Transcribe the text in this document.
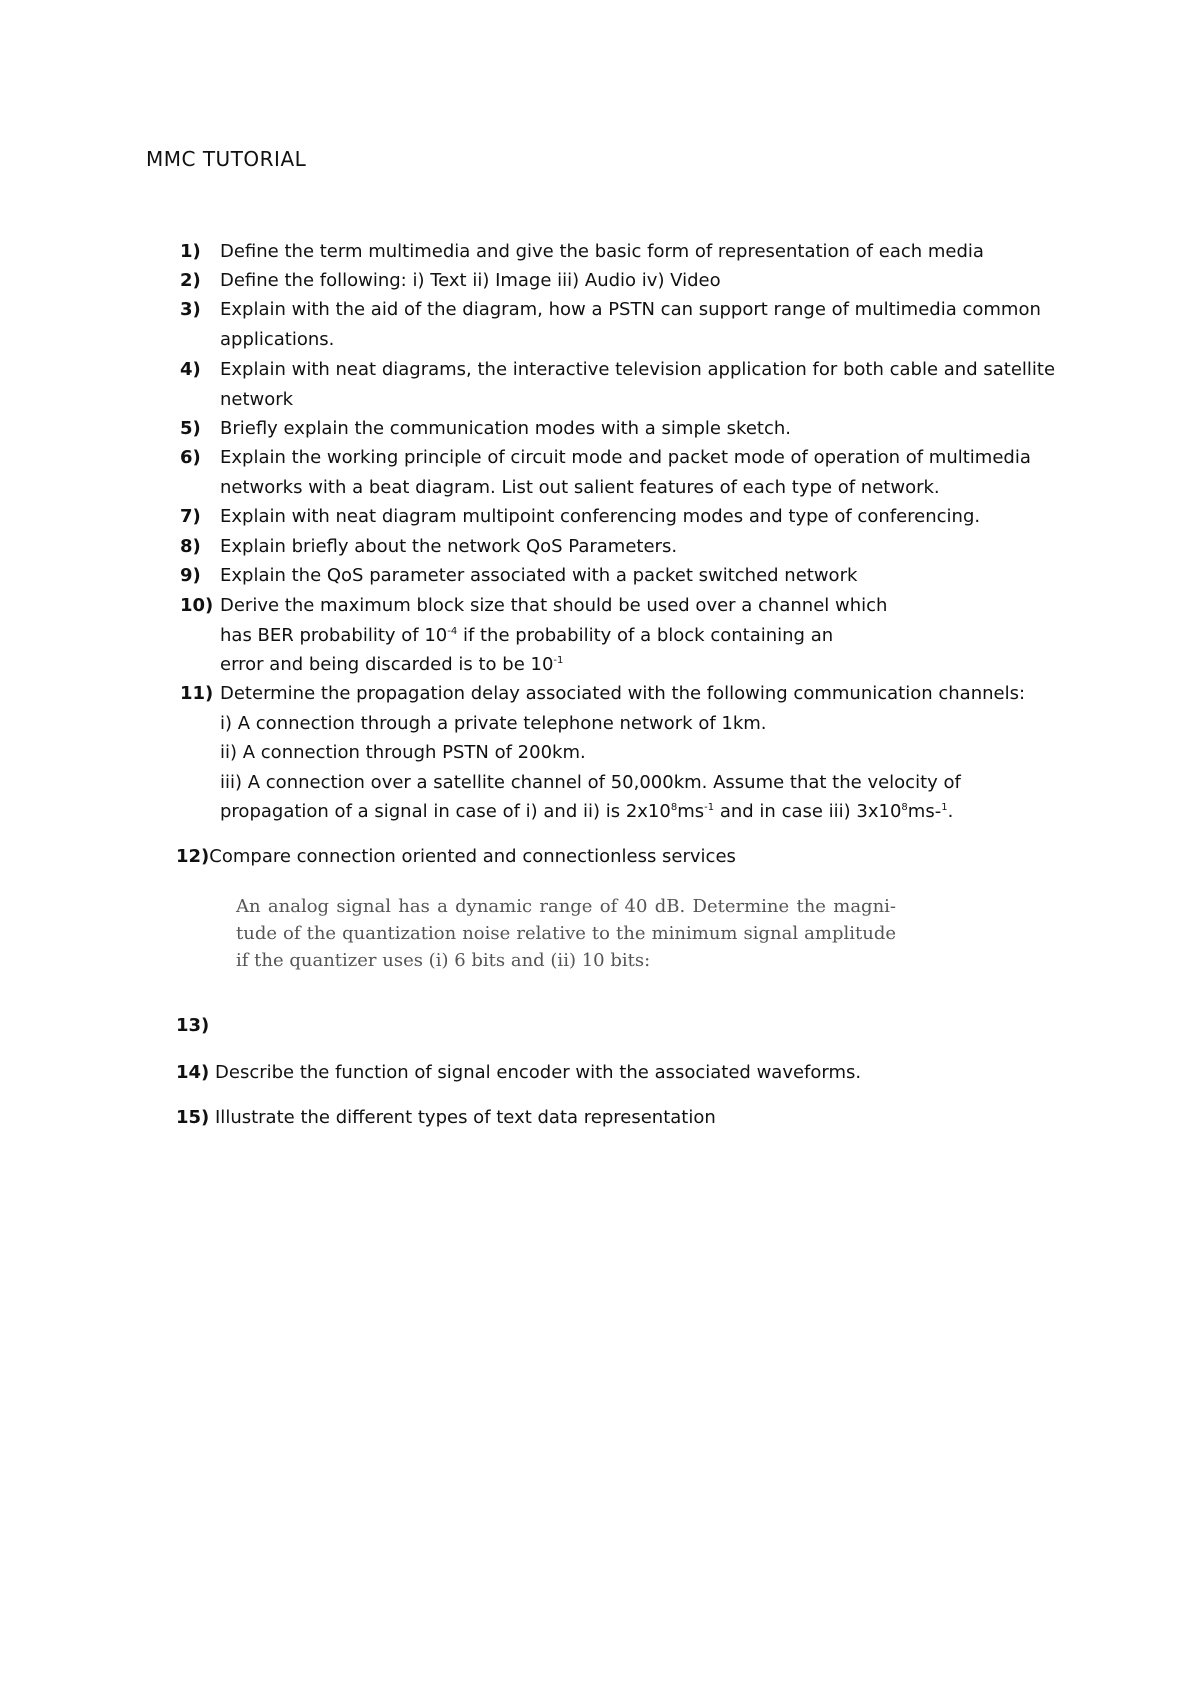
MMC TUTORIAL
1)	Define the term multimedia and give the basic form of representation of each media
2)	Define the following: i) Text ii) Image iii) Audio iv) Video
3)	Explain with the aid of the diagram, how a PSTN can support range of multimedia common applications.
4)	Explain with neat diagrams, the interactive television application for both cable and satellite network
5)	Briefly explain the communication modes with a simple sketch.
6)	Explain the working principle of circuit mode and packet mode of operation of multimedia networks with a beat diagram. List out salient features of each type of network.
7)	Explain with neat diagram multipoint conferencing modes and type of conferencing.
8)	Explain briefly about the network QoS Parameters.
9)	Explain the QoS parameter associated with a packet switched network
10) Derive the maximum block size that should be used over a channel which
has BER probability of $10^{-4}$ if the probability of a block containing an
error and being discarded is to be $10^{-1}$
11) Determine the propagation delay associated with the following communication channels:
i) A connection through a private telephone network of 1km.
ii) A connection through PSTN of 200km.
iii) A connection over a satellite channel of 50,000km. Assume that the velocity of
propagation of a signal in case of i) and ii) is $2x10^8ms^{-1}$ and in case iii) $3x10^8ms-^1$.
12)Compare connection oriented and connectionless services

An analog signal has a dynamic range of 40 dB. Determine the magni-tude of the quantization noise relative to the minimum signal amplitude if the quantizer uses (i) 6 bits and (ii) 10 bits:

13)
14) Describe the function of signal encoder with the associated waveforms.
15) Illustrate the different types of text data representation
